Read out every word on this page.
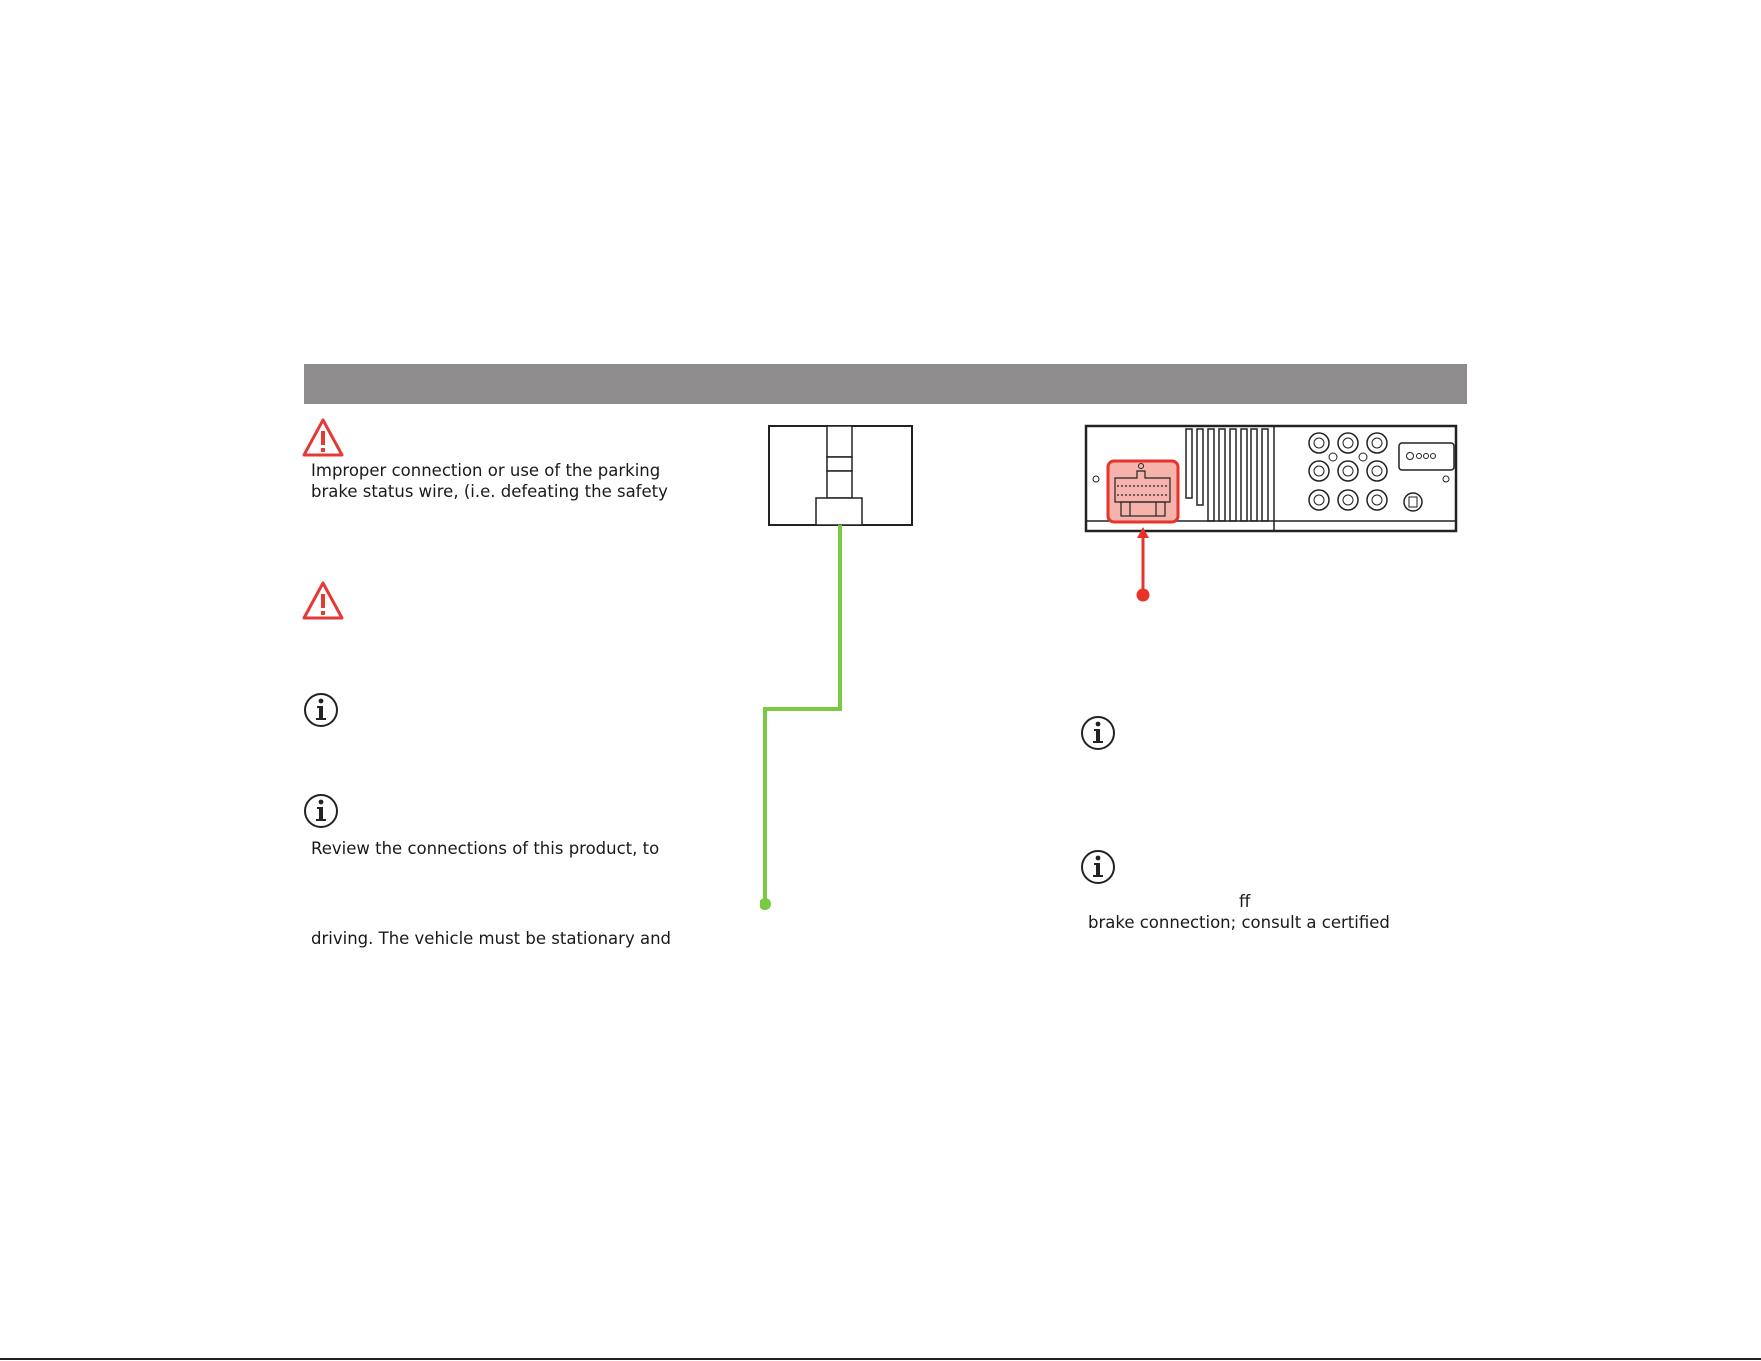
Improper connection or use of the parking
brake status wire, (i.e. defeating the safety
Review the connections of this product, to
driving. The vehicle must be stationary and
ff
brake connection; consult a certified
